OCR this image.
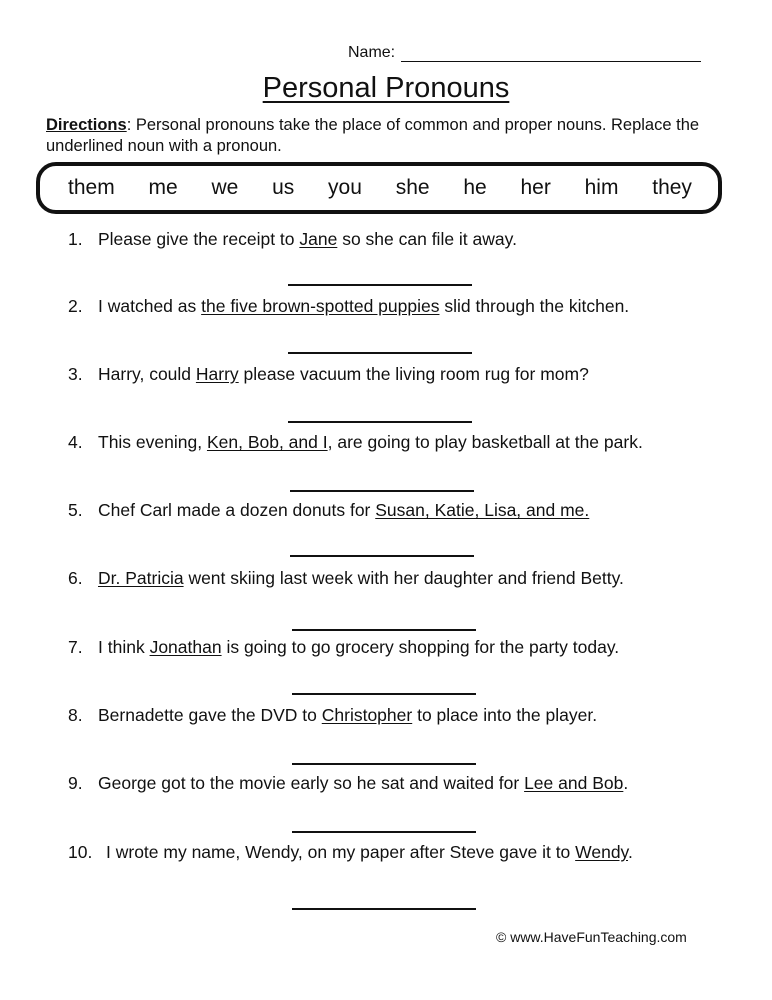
Name:
Personal Pronouns
Directions: Personal pronouns take the place of common and proper nouns. Replace the underlined noun with a pronoun.
them me we us you she he her him they
1. Please give the receipt to Jane so she can file it away.
2. I watched as the five brown-spotted puppies slid through the kitchen.
3. Harry, could Harry please vacuum the living room rug for mom?
4. This evening, Ken, Bob, and I, are going to play basketball at the park.
5. Chef Carl made a dozen donuts for Susan, Katie, Lisa, and me.
6. Dr. Patricia went skiing last week with her daughter and friend Betty.
7. I think Jonathan is going to go grocery shopping for the party today.
8. Bernadette gave the DVD to Christopher to place into the player.
9. George got to the movie early so he sat and waited for Lee and Bob.
10. I wrote my name, Wendy, on my paper after Steve gave it to Wendy.
© www.HaveFunTeaching.com
